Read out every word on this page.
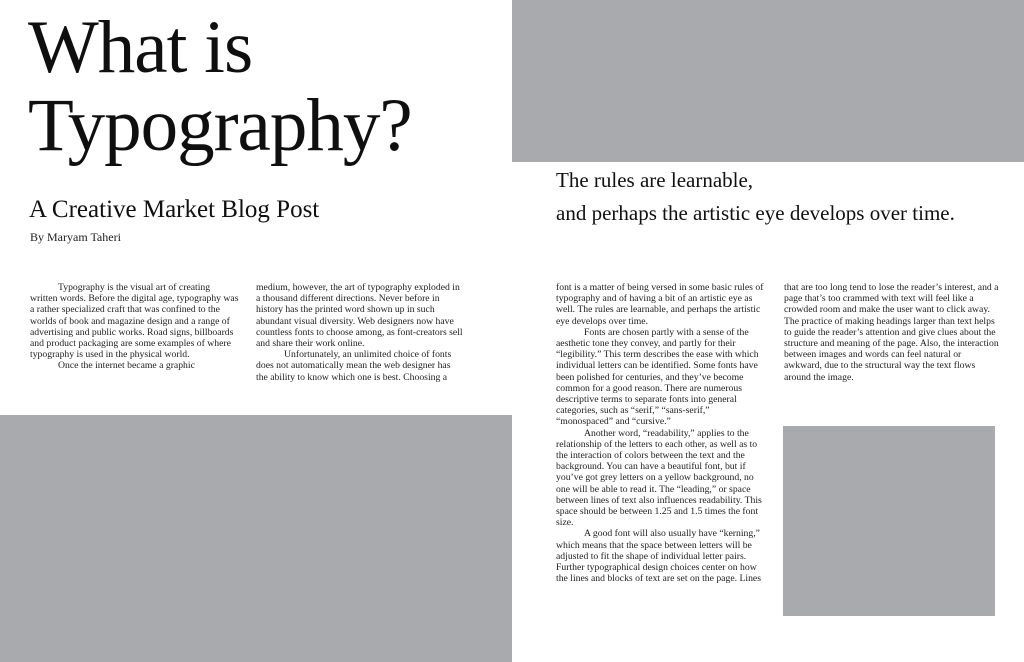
What is
Typography?
A Creative Market Blog Post
By Maryam Taheri
The rules are learnable,
and perhaps the artistic eye develops over time.

Typography is the visual art of creating written words. Before the digital age, typography was a rather specialized craft that was confined to the worlds of book and magazine design and a range of advertising and public works. Road signs, billboards and product packaging are some examples of where typography is used in the physical world.

Once the internet became a graphic

medium, however, the art of typography exploded in a thousand different directions. Never before in history has the printed word shown up in such abundant visual diversity. Web designers now have countless fonts to choose among, as font-creators sell and share their work online.

Unfortunately, an unlimited choice of fonts does not automatically mean the web designer has the ability to know which one is best. Choosing a

font is a matter of being versed in some basic rules of typography and of having a bit of an artistic eye as well. The rules are learnable, and perhaps the artistic eye develops over time.

Fonts are chosen partly with a sense of the aesthetic tone they convey, and partly for their “legibility.” This term describes the ease with which individual letters can be identified. Some fonts have been polished for centuries, and they’ve become common for a good reason. There are numerous descriptive terms to separate fonts into general categories, such as “serif,” “sans-serif,” “monospaced” and “cursive.”

Another word, “readability,” applies to the relationship of the letters to each other, as well as to the interaction of colors between the text and the background. You can have a beautiful font, but if you’ve got grey letters on a yellow background, no one will be able to read it. The “leading,” or space between lines of text also influences readability. This space should be between 1.25 and 1.5 times the font size.

A good font will also usually have “kerning,” which means that the space between letters will be adjusted to fit the shape of individual letter pairs. Further typographical design choices center on how the lines and blocks of text are set on the page. Lines

that are too long tend to lose the reader’s interest, and a page that’s too crammed with text will feel like a crowded room and make the user want to click away. The practice of making headings larger than text helps to guide the reader’s attention and give clues about the structure and meaning of the page. Also, the interaction between images and words can feel natural or awkward, due to the structural way the text flows around the image.
